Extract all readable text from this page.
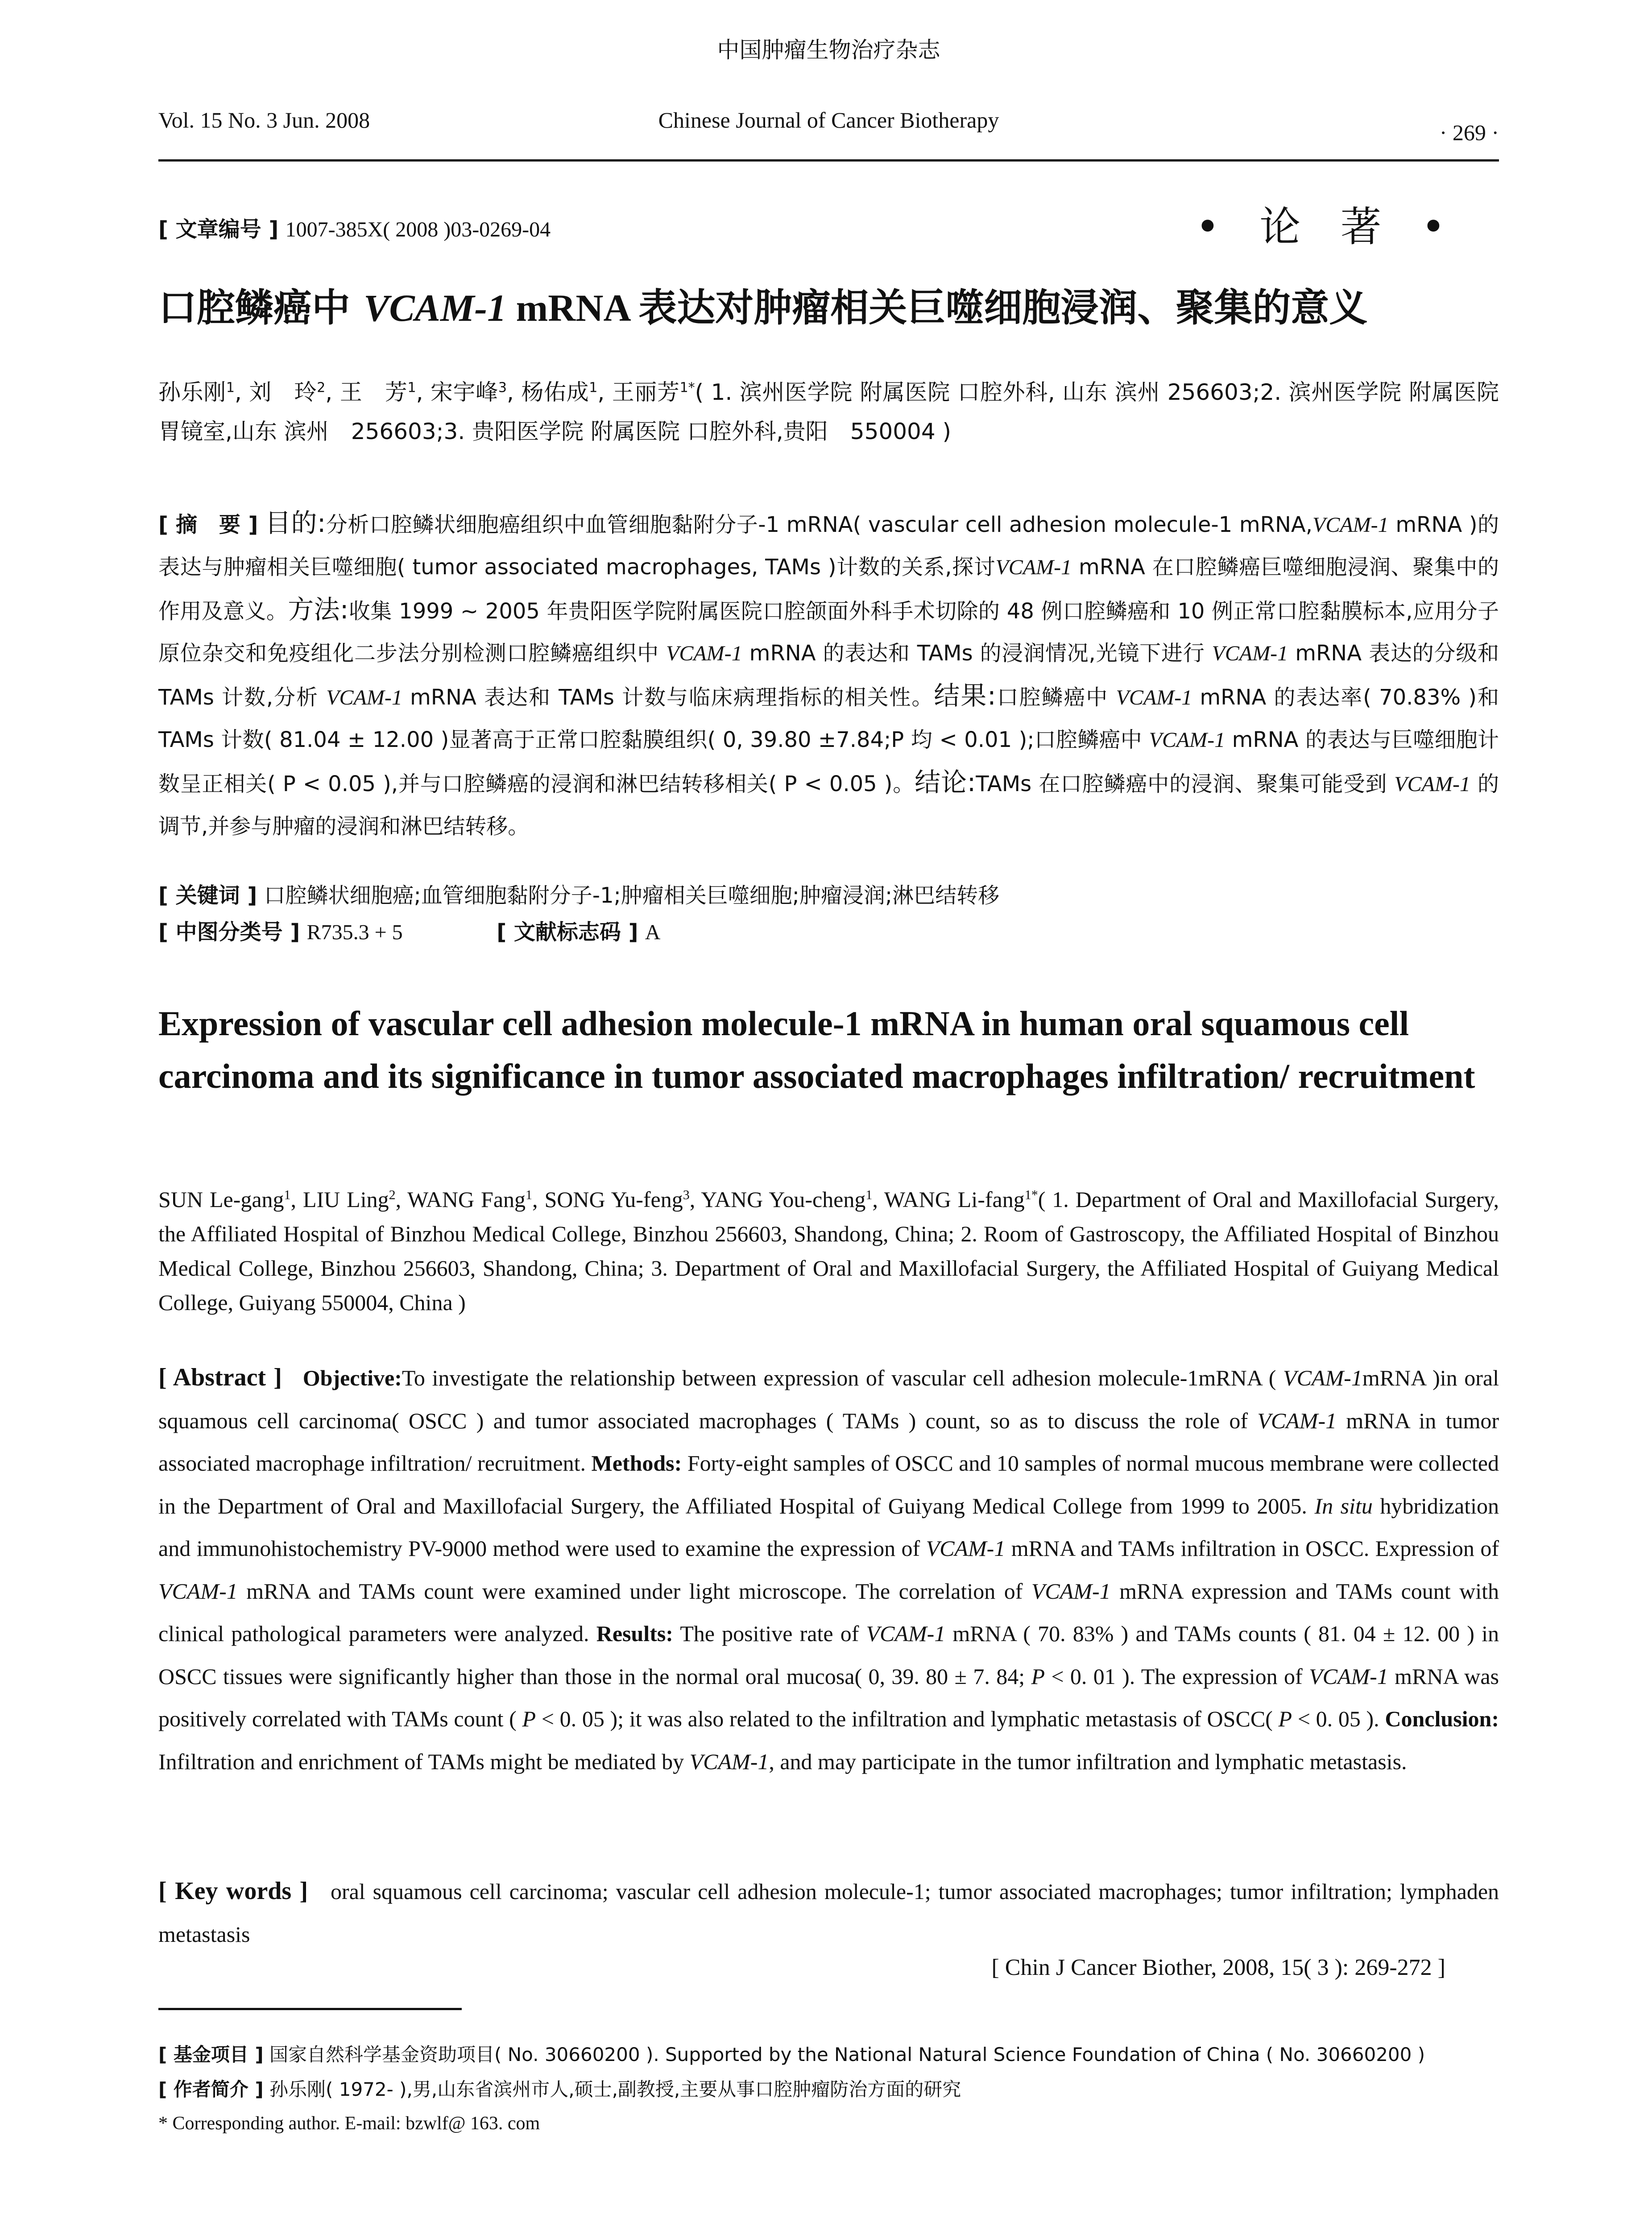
中国肿瘤生物治疗杂志
Vol. 15 No. 3 Jun. 2008	Chinese Journal of Cancer Biotherapy	· 269 ·
[ 文章编号 ] 1007-385X( 2008 )03-0269-04	• 论 著 •
口腔鳞癌中 VCAM-1 mRNA 表达对肿瘤相关巨噬细胞浸润、聚集的意义
孙乐刚$^1$, 刘　玲$^2$, 王　芳$^1$, 宋宇峰$^3$, 杨佑成$^1$, 王丽芳$^{1*}$( 1. 滨州医学院 附属医院 口腔外科, 山东 滨州 256603;2. 滨州医学院 附属医院 胃镜室,山东 滨州　256603;3. 贵阳医学院 附属医院 口腔外科,贵阳　550004 )
[ 摘　要 ] 目的:分析口腔鳞状细胞癌组织中血管细胞黏附分子-1 mRNA( vascular cell adhesion molecule-1 mRNA,VCAM-1 mRNA )的表达与肿瘤相关巨噬细胞( tumor associated macrophages, TAMs )计数的关系,探讨VCAM-1 mRNA 在口腔鳞癌巨噬细胞浸润、聚集中的作用及意义。方法:收集 1999 ~ 2005 年贵阳医学院附属医院口腔颌面外科手术切除的 48 例口腔鳞癌和 10 例正常口腔黏膜标本,应用分子原位杂交和免疫组化二步法分别检测口腔鳞癌组织中 VCAM-1 mRNA 的表达和 TAMs 的浸润情况,光镜下进行 VCAM-1 mRNA 表达的分级和 TAMs 计数,分析 VCAM-1 mRNA 表达和 TAMs 计数与临床病理指标的相关性。结果:口腔鳞癌中 VCAM-1 mRNA 的表达率( 70.83% )和 TAMs 计数( 81.04 ± 12.00 )显著高于正常口腔黏膜组织( 0, 39.80 ±7.84;P 均 < 0.01 );口腔鳞癌中 VCAM-1 mRNA 的表达与巨噬细胞计数呈正相关( P < 0.05 ),并与口腔鳞癌的浸润和淋巴结转移相关( P < 0.05 )。结论:TAMs 在口腔鳞癌中的浸润、聚集可能受到 VCAM-1 的调节,并参与肿瘤的浸润和淋巴结转移。
[ 关键词 ] 口腔鳞状细胞癌;血管细胞黏附分子-1;肿瘤相关巨噬细胞;肿瘤浸润;淋巴结转移
[ 中图分类号 ] R735.3 + 5	[ 文献标志码 ] A
Expression of vascular cell adhesion molecule-1 mRNA in human oral squamous cell carcinoma and its significance in tumor associated macrophages infiltration/ recruitment
SUN Le-gang$^1$, LIU Ling$^2$, WANG Fang$^1$, SONG Yu-feng$^3$, YANG You-cheng$^1$, WANG Li-fang$^{1*}$( 1. Department of Oral and Maxillofacial Surgery, the Affiliated Hospital of Binzhou Medical College, Binzhou 256603, Shandong, China; 2. Room of Gastroscopy, the Affiliated Hospital of Binzhou Medical College, Binzhou 256603, Shandong, China; 3. Department of Oral and Maxillofacial Surgery, the Affiliated Hospital of Guiyang Medical College, Guiyang 550004, China )
[ Abstract ] Objective:To investigate the relationship between expression of vascular cell adhesion molecule-1mRNA ( VCAM-1mRNA )in oral squamous cell carcinoma( OSCC ) and tumor associated macrophages ( TAMs ) count, so as to discuss the role of VCAM-1 mRNA in tumor associated macrophage infiltration/ recruitment. Methods: Forty-eight samples of OSCC and 10 samples of normal mucous membrane were collected in the Department of Oral and Maxillofacial Surgery, the Affiliated Hospital of Guiyang Medical College from 1999 to 2005. In situ hybridization and immunohistochemistry PV-9000 method were used to examine the expression of VCAM-1 mRNA and TAMs infiltration in OSCC. Expression of VCAM-1 mRNA and TAMs count were examined under light microscope. The correlation of VCAM-1 mRNA expression and TAMs count with clinical pathological parameters were analyzed. Results: The positive rate of VCAM-1 mRNA ( 70. 83% ) and TAMs counts ( 81. 04 ± 12. 00 ) in OSCC tissues were significantly higher than those in the normal oral mucosa( 0, 39. 80 ± 7. 84; P < 0. 01 ). The expression of VCAM-1 mRNA was positively correlated with TAMs count ( P < 0. 05 ); it was also related to the infiltration and lymphatic metastasis of OSCC( P < 0. 05 ). Conclusion: Infiltration and enrichment of TAMs might be mediated by VCAM-1, and may participate in the tumor infiltration and lymphatic metastasis.
[ Key words ] oral squamous cell carcinoma; vascular cell adhesion molecule-1; tumor associated macrophages; tumor infiltration; lymphaden metastasis
[ Chin J Cancer Biother, 2008, 15( 3 ): 269-272 ]
[ 基金项目 ] 国家自然科学基金资助项目( No. 30660200 ). Supported by the National Natural Science Foundation of China ( No. 30660200 )
[ 作者简介 ] 孙乐刚( 1972- ),男,山东省滨州市人,硕士,副教授,主要从事口腔肿瘤防治方面的研究
* Corresponding author. E-mail: bzwlf@ 163. com
